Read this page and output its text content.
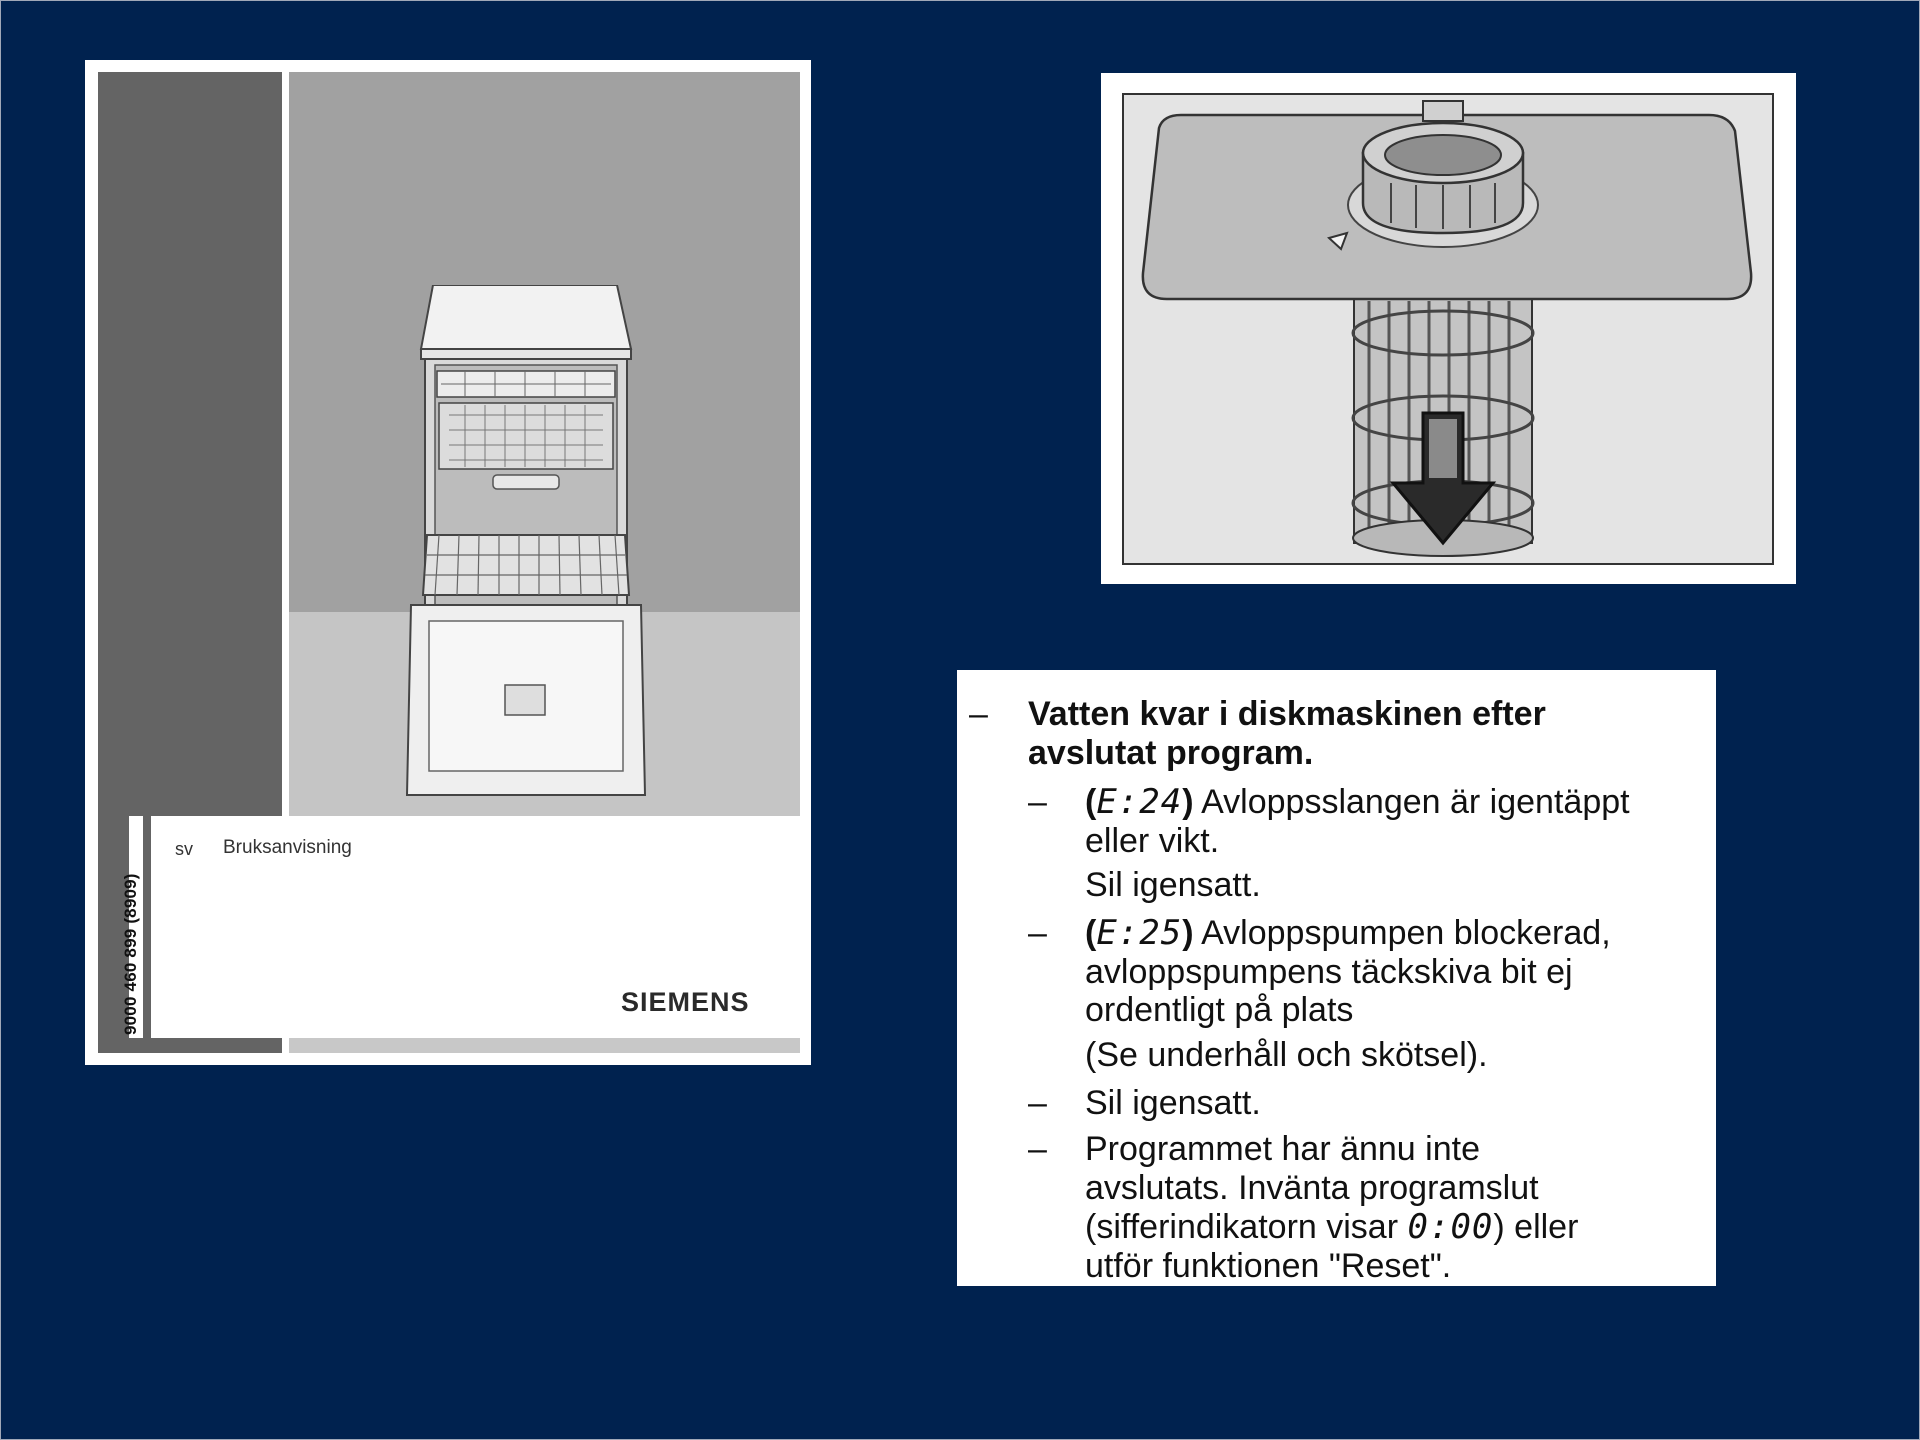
9000 460 899 (8909)
sv Bruksanvisning
SIEMENS
– Vatten kvar i diskmaskinen efter
avslutat program.
– (E:24) Avloppsslangen är igentäppt
eller vikt.
Sil igensatt.
– (E:25) Avloppspumpen blockerad,
avloppspumpens täckskiva bit ej
ordentligt på plats
(Se underhåll och skötsel).
– Sil igensatt.
– Programmet har ännu inte
avslutats. Invänta programslut
(sifferindikatorn visar 0:00) eller
utför funktionen "Reset".
